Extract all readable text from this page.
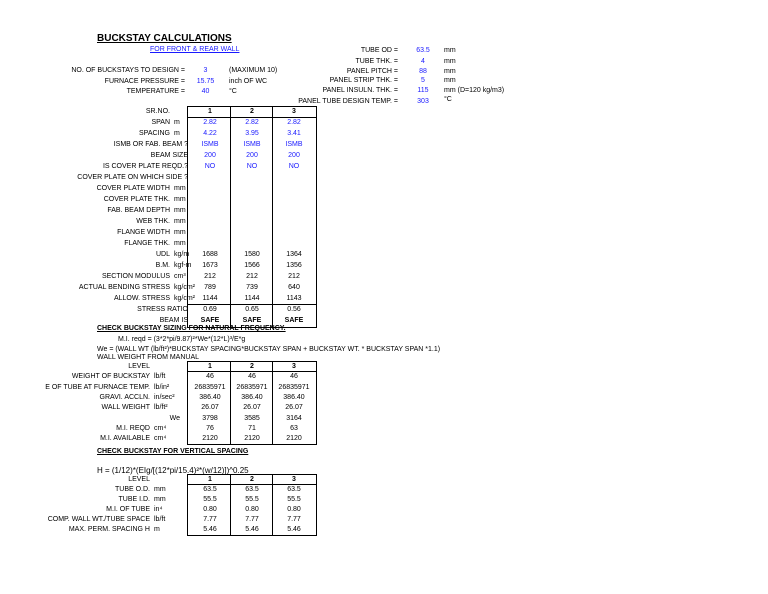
BUCKSTAY CALCULATIONS
FOR FRONT & REAR WALL
NO. OF BUCKSTAYS TO DESIGN =	3	(MAXIMUM 10)
FURNACE PRESSURE =	15.75	inch OF WC
TEMPERATURE =	40	°C
TUBE OD =	63.5	mm
TUBE THK. =	4	mm
PANEL PITCH =	88	mm
PANEL STRIP THK. =	5	mm
PANEL INSULN. THK. =	115	mm (D=120 kg/m3)
PANEL TUBE DESIGN TEMP. =	303	°C
SR.NO.	1	2	3
SPAN m	2.82	2.82	2.82
SPACING m	4.22	3.95	3.41
ISMB OR FAB. BEAM ?	ISMB	ISMB	ISMB
BEAM SIZE	200	200	200
IS COVER PLATE REQD.?	NO	NO	NO
COVER PLATE ON WHICH SIDE ?
COVER PLATE WIDTH mm
COVER PLATE THK. mm
FAB. BEAM DEPTH mm
WEB THK. mm
FLANGE WIDTH mm
FLANGE THK. mm
UDL kg/m	1688	1580	1364
B.M. kgf-m	1673	1566	1356
SECTION MODULUS cm³	212	212	212
ACTUAL BENDING STRESS kg/cm²	789	739	640
ALLOW. STRESS kg/cm²	1144	1144	1143
STRESS RATIO	0.69	0.65	0.56
BEAM IS	SAFE	SAFE	SAFE
CHECK BUCKSTAY SIZING FOR NATURAL FREQUENCY.
M.I. reqd = (3*2*pi/9.87)²*We*(12*L)³/E*g
We = (WALL WT (lb/ft²)*BUCKSTAY SPACING*BUCKSTAY SPAN + BUCKSTAY WT. * BUCKSTAY SPAN *1.1)
WALL WEIGHT FROM MANUAL
LEVEL	1	2	3
WEIGHT OF BUCKSTAY lb/ft	46	46	46
E OF TUBE AT FURNACE TEMP. lb/in²	26835971	26835971	26835971
GRAVI. ACCLN. in/sec²	386.40	386.40	386.40
WALL WEIGHT lb/ft²	26.07	26.07	26.07
We	3798	3585	3164
M.I. REQD cm⁴	76	71	63
M.I. AVAILABLE cm⁴	2120	2120	2120
CHECK BUCKSTAY FOR VERTICAL SPACING
H = (1/12)*(EIg/[(12*pi/15.4)²*(w/12)])^0.25
LEVEL	1	2	3
TUBE O.D. mm	63.5	63.5	63.5
TUBE I.D. mm	55.5	55.5	55.5
M.I. OF TUBE in⁴	0.80	0.80	0.80
COMP. WALL WT./TUBE SPACE lb/ft	7.77	7.77	7.77
MAX. PERM. SPACING H m	5.46	5.46	5.46
